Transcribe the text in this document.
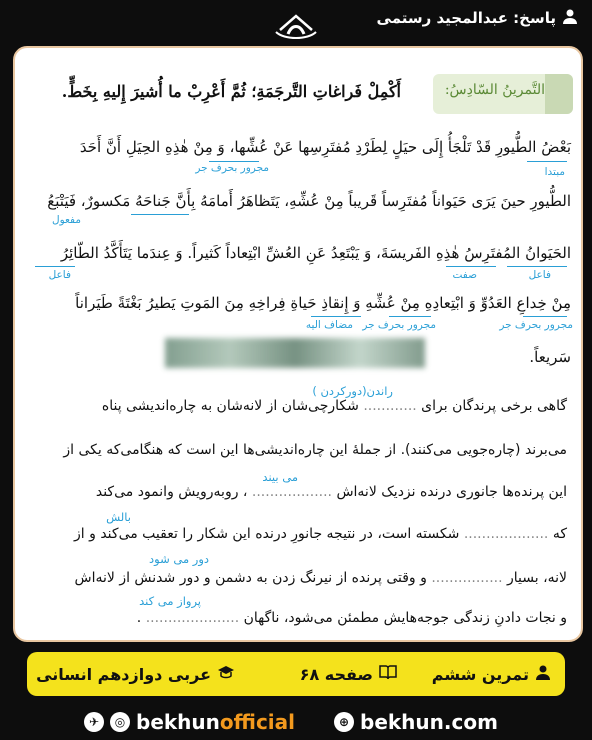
پاسخ: عبدالمجید رستمی
التَّمرینُ السّادِسُ:
أَکْمِلْ فَراغاتِ التَّرجَمَةِ؛ ثُمَّ أَعْرِبْ ما أُشیرَ إِلیهِ بِخَطٍّ.
بَعْضُ الطُّيورِ قَدْ تَلْجَأُ إِلَى حيَلٍ لِطَرْدِ مُفتَرِسِها عَنْ عُشِّها، وَ مِنْ هٰذِهِ الحِيَلِ أَنَّ أَحَدَ
الطُّيورِ حينَ يَرَى حَيَواناً مُفتَرِساً قَريباً مِنْ عُشِّهِ، يَتَظاهَرُ أَمامَهُ بِأَنَّ جَناحَهُ مَكسورٌ، فَيَتْبَعُ
الحَيَوانُ المُفتَرِسُ هٰذِهِ الفَريسَةَ، وَ يَبْتَعِدُ عَنِ العُشِّ ابْتِعاداً كَثيراً. وَ عِندَما يَتَأَكَّدُ الطّائِرُ
مِنْ خِداعِ العَدُوِّ وَ ابْتِعادِهِ مِنْ عُشِّهِ وَ إِنقاذِ حَياةِ فِراخِهِ مِنَ المَوتِ يَطيرُ بَغْتَةً طَيَراناً
سَريعاً.
مبتدا
مجرور بحرف جر
مفعول
فاعل
صفت
فاعل
مجرور بحرف جر
مجرور بحرف جر
مضاف الیه
گاهی برخی پرندگان برای ............ شکارچی‌شان از لانه‌شان به چاره‌اندیشی پناه
راندن(دورکردن )
می‌برند (چاره‌جویی می‌کنند). از جملهٔ این چاره‌اندیشی‌ها این است که هنگامی‌که یکی از
این پرنده‌ها جانوری درنده نزدیک لانه‌اش .................. ، روبه‌رویش وانمود می‌کند
می بیند
که ................... شکسته است، در نتیجه جانورِ درنده این شکار را تعقیب می‌کند و از
بالش
لانه، بسیار ................ و وقتی پرنده از نیرنگ زدن به دشمن و دور شدنش از لانه‌اش
دور می شود
و نجات دادنِ زندگی جوجه‌هایش مطمئن می‌شود، ناگهان ..................... .
پرواز می کند
تمرین ششم
صفحه ۶۸
عربی دوازدهم انسانی
✈	◎ bekhun official	⊕ bekhun.com
